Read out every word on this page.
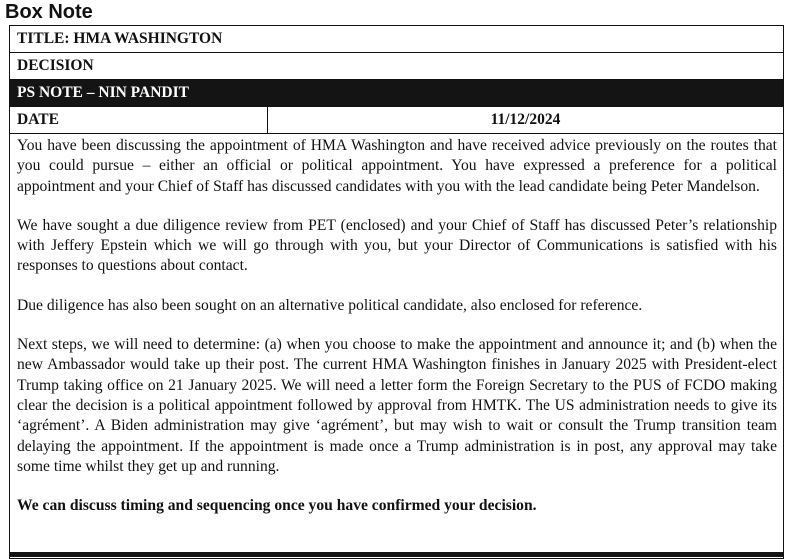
Box Note
TITLE: HMA WASHINGTON
DECISION
PS NOTE – NIN PANDIT
DATE	11/12/2024

You have been discussing the appointment of HMA Washington and have received advice previously on the routes that you could pursue – either an official or political appointment. You have expressed a preference for a political appointment and your Chief of Staff has discussed candidates with you with the lead candidate being Peter Mandelson.

We have sought a due diligence review from PET (enclosed) and your Chief of Staff has discussed Peter’s relationship with Jeffery Epstein which we will go through with you, but your Director of Communications is satisfied with his responses to questions about contact.

Due diligence has also been sought on an alternative political candidate, also enclosed for reference.

Next steps, we will need to determine: (a) when you choose to make the appointment and announce it; and (b) when the new Ambassador would take up their post. The current HMA Washington finishes in January 2025 with President-elect Trump taking office on 21 January 2025. We will need a letter form the Foreign Secretary to the PUS of FCDO making clear the decision is a political appointment followed by approval from HMTK. The US administration needs to give its ‘agrément’. A Biden administration may give ‘agrément’, but may wish to wait or consult the Trump transition team delaying the appointment. If the appointment is made once a Trump administration is in post, any approval may take some time whilst they get up and running.

We can discuss timing and sequencing once you have confirmed your decision.
